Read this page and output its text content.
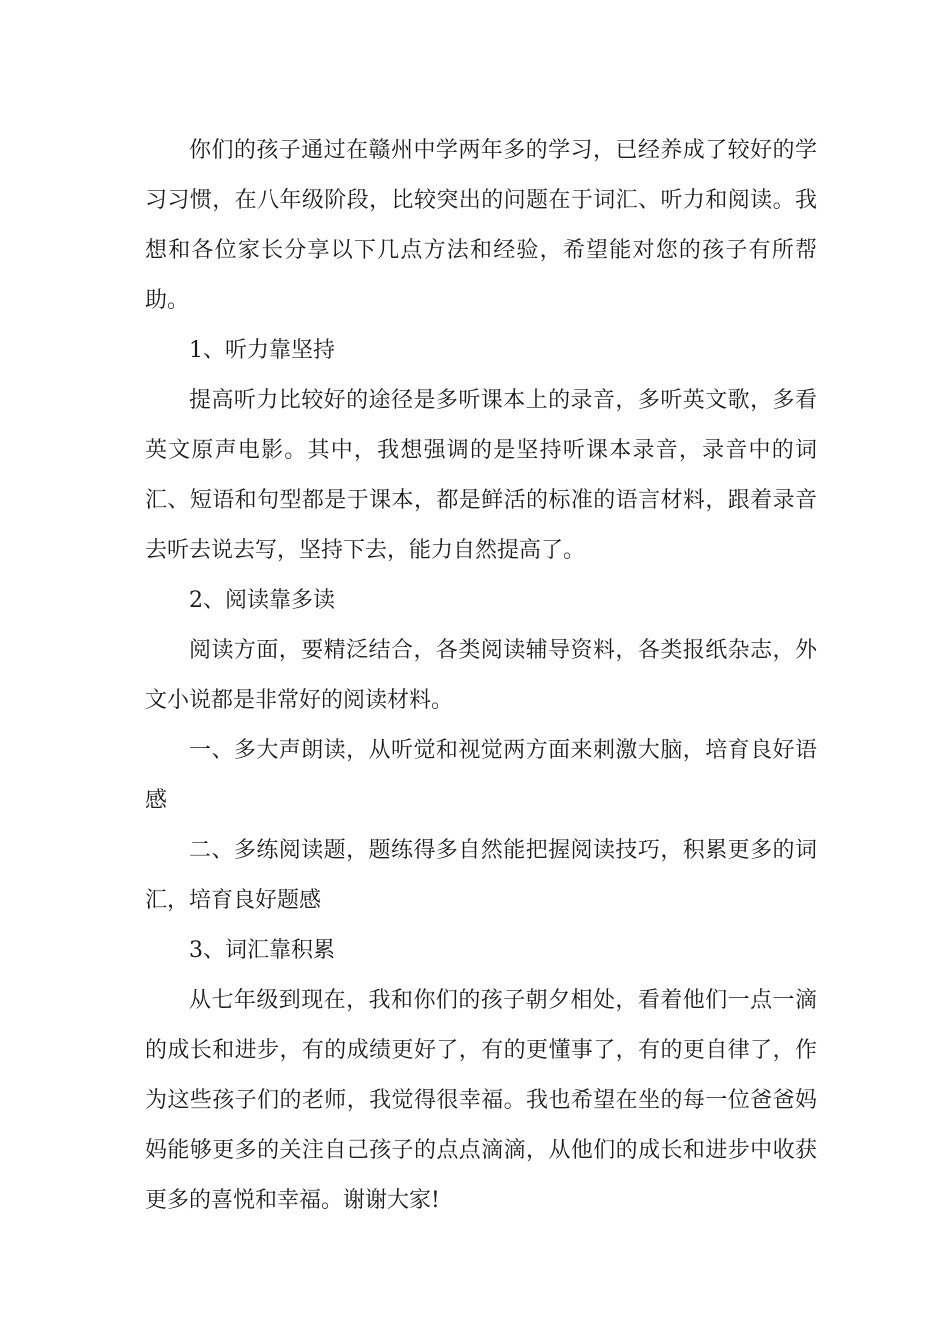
你们的孩子通过在赣州中学两年多的学习，已经养成了较好的学习习惯，在八年级阶段，比较突出的问题在于词汇、听力和阅读。我想和各位家长分享以下几点方法和经验，希望能对您的孩子有所帮助。

1、听力靠坚持

提高听力比较好的途径是多听课本上的录音，多听英文歌，多看英文原声电影。其中，我想强调的是坚持听课本录音，录音中的词汇、短语和句型都是于课本，都是鲜活的标准的语言材料，跟着录音去听去说去写，坚持下去，能力自然提高了。

2、阅读靠多读

阅读方面，要精泛结合，各类阅读辅导资料，各类报纸杂志，外文小说都是非常好的阅读材料。

一、多大声朗读，从听觉和视觉两方面来刺激大脑，培育良好语感

二、多练阅读题，题练得多自然能把握阅读技巧，积累更多的词汇，培育良好题感

3、词汇靠积累

从七年级到现在，我和你们的孩子朝夕相处，看着他们一点一滴的成长和进步，有的成绩更好了，有的更懂事了，有的更自律了，作为这些孩子们的老师，我觉得很幸福。我也希望在坐的每一位爸爸妈妈能够更多的关注自己孩子的点点滴滴，从他们的成长和进步中收获更多的喜悦和幸福。谢谢大家!
